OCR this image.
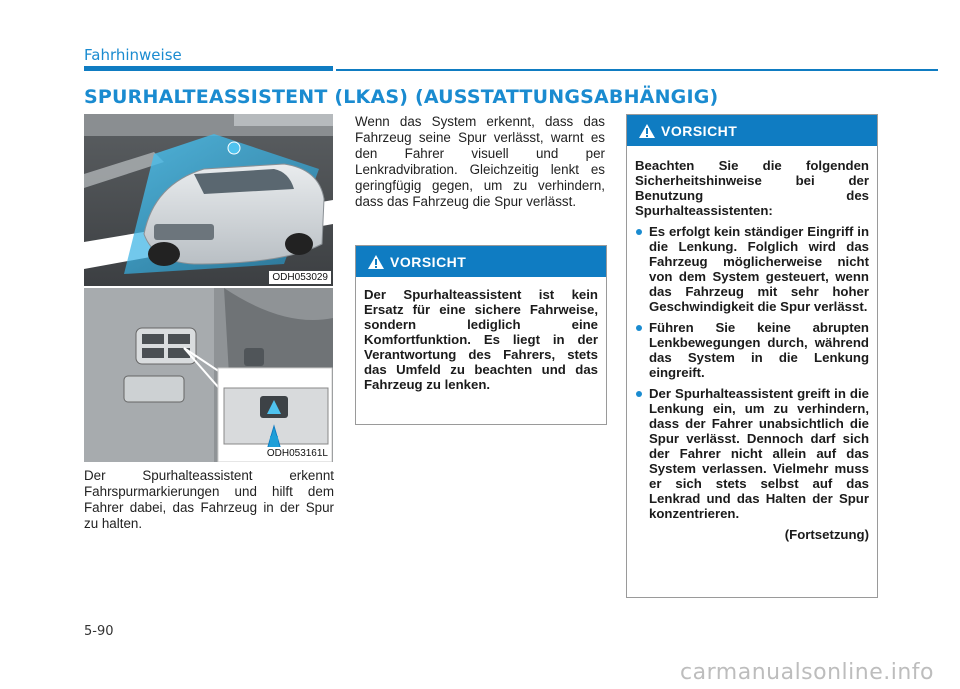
Fahrhinweise
SPURHALTEASSISTENT (LKAS) (AUSSTATTUNGSABHÄNGIG)
ODH053029
ODH053161L
Der Spurhalteassistent erkennt Fahrspurmarkierungen und hilft dem Fahrer dabei, das Fahrzeug in der Spur zu halten.
Wenn das System erkennt, dass das Fahrzeug seine Spur verlässt, warnt es den Fahrer visuell und per Lenkradvibration. Gleichzeitig lenkt es geringfügig gegen, um zu verhindern, dass das Fahrzeug die Spur verlässt.
VORSICHT
Der Spurhalteassistent ist kein Ersatz für eine sichere Fahrweise, sondern lediglich eine Komfortfunktion. Es liegt in der Verantwortung des Fahrers, stets das Umfeld zu beachten und das Fahrzeug zu lenken.
VORSICHT
Beachten Sie die folgenden Sicherheitshinweise bei der Benutzung des Spurhalteassistenten:
Es erfolgt kein ständiger Eingriff in die Lenkung. Folglich wird das Fahrzeug möglicherweise nicht von dem System gesteuert, wenn das Fahrzeug mit sehr hoher Geschwindigkeit die Spur verlässt.
Führen Sie keine abrupten Lenkbewegungen durch, während das System in die Lenkung eingreift.
Der Spurhalteassistent greift in die Lenkung ein, um zu verhindern, dass der Fahrer unabsichtlich die Spur verlässt. Dennoch darf sich der Fahrer nicht allein auf das System verlassen. Vielmehr muss er sich stets selbst auf das Lenkrad und das Halten der Spur konzentrieren.
(Fortsetzung)
5-90
carmanualsonline.info
